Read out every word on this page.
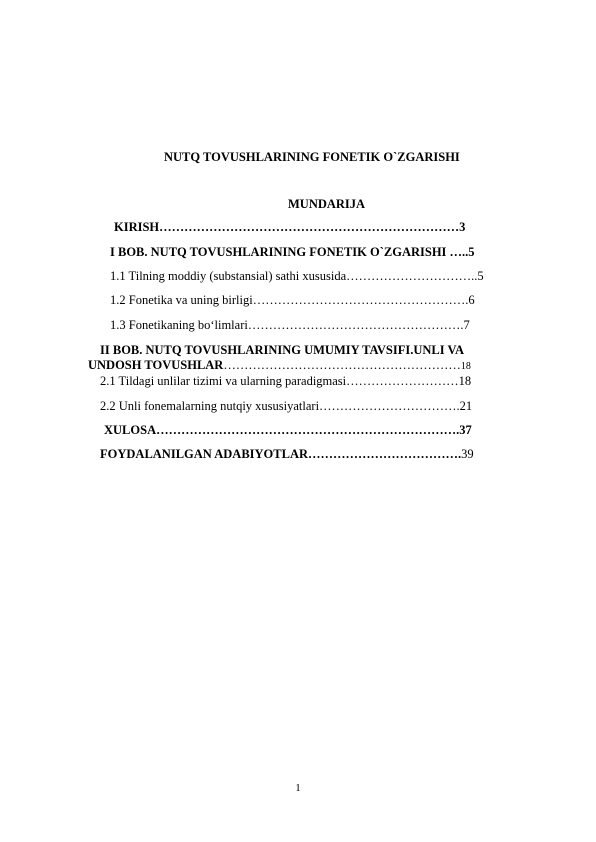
NUTQ TOVUSHLARINING FONETIK O`ZGARISHI
MUNDARIJA
KIRISH………………………………………………………………3
I BOB. NUTQ TOVUSHLARINING FONETIK O`ZGARISHI …..5
1.1 Tilning moddiy (substansial) sathi xususida…………………………..5
1.2 Fonetika va uning birligi…………………………………………….6
1.3 Fonetikaning bo‘limlari…………………………………………….7
II BOB. NUTQ TOVUSHLARINING UMUMIY TAVSIFI.UNLI VA
UNDOSH TOVUSHLAR…………………………………………………18
2.1 Tildagi unlilar tizimi va ularning paradigmasi………………………18
2.2 Unli fonemalarning nutqiy xususiyatlari…………………………….21
XULOSA……………………………………………………………….37
FOYDALANILGAN ADABIYOTLAR……………………………….39
1
